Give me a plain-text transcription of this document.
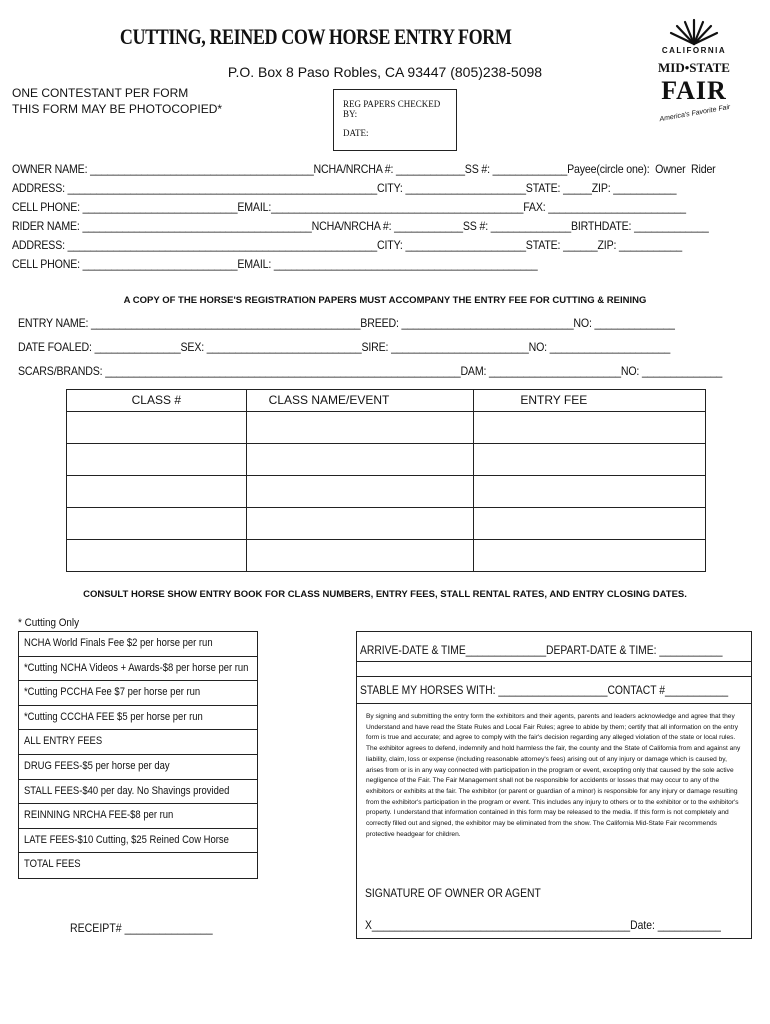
CUTTING, REINED COW HORSE ENTRY FORM
P.O. Box 8 Paso Robles, CA 93447 (805)238-5098
ONE CONTESTANT PER FORM
THIS FORM MAY BE PHOTOCOPIED*	REG PAPERS CHECKED BY:
DATE:
CALIFORNIA
MID•STATE
FAIR
America's Favorite Fair
OWNER NAME: _______________________________________NCHA/NRCHA #: ____________SS #: _____________Payee(circle one):  Owner  Rider
ADDRESS: ______________________________________________________CITY: _____________________STATE: _____ZIP: ___________
CELL PHONE: ___________________________EMAIL:____________________________________________FAX: ________________________
RIDER NAME: ________________________________________NCHA/NRCHA #: ____________SS #: ______________BIRTHDATE: _____________
ADDRESS: ______________________________________________________CITY: _____________________STATE: ______ZIP: ___________
CELL PHONE: ___________________________EMAIL: ______________________________________________
A COPY OF THE HORSE'S REGISTRATION PAPERS MUST ACCOMPANY THE ENTRY FEE FOR CUTTING & REINING
ENTRY NAME: _______________________________________________BREED: ______________________________NO: ______________
DATE FOALED: _______________SEX: ___________________________SIRE: ________________________NO: _____________________
SCARS/BRANDS: ______________________________________________________________DAM: _______________________NO: ______________
CLASS #	CLASS NAME/EVENT	ENTRY FEE

CONSULT HORSE SHOW ENTRY BOOK FOR CLASS NUMBERS, ENTRY FEES, STALL RENTAL RATES, AND ENTRY CLOSING DATES.
* Cutting Only
NCHA World Finals Fee $2 per horse per run
*Cutting NCHA Videos + Awards-$8 per horse per run
*Cutting PCCHA Fee $7 per horse per run
*Cutting CCCHA FEE $5 per horse per run
ALL ENTRY FEES
DRUG FEES-$5 per horse per day
STALL FEES-$40 per day. No Shavings provided
REINNING NRCHA FEE-$8 per run
LATE FEES-$10 Cutting, $25 Reined Cow Horse
TOTAL FEES
RECEIPT# _______________
ARRIVE-DATE & TIME______________DEPART-DATE & TIME: ___________
STABLE MY HORSES WITH: ___________________CONTACT #___________
By signing and submitting the entry form the exhibitors and their agents, parents and leaders acknowledge and agree that they Understand and have read the State Rules and Local Fair Rules; agree to abide by them; certify that all information on the entry form is true and accurate; and agree to comply with the fair's decision regarding any alleged violation of the state or local rules. The exhibitor agrees to defend, indemnify and hold harmless the fair, the county and the State of California from and against any liability, claim, loss or expense (including reasonable attorney's fees) arising out of any injury or damage which is caused by, arises from or is in any way connected with participation in the program or event, excepting only that caused by the sole active negligence of the Fair. The Fair Management shall not be responsible for accidents or losses that may occur to any of the exhibitors or exhibits at the fair. The exhibitor (or parent or guardian of a minor) is responsible for any injury or damage resulting from the exhibitor's participation in the program or event. This includes any injury to others or to the exhibitor or to the exhibitor's property. I understand that information contained in this form may be released to the media. If this form is not completely and correctly filled out and signed, the exhibitor may be eliminated from the show. The California Mid-State Fair recommends protective headgear for children.
SIGNATURE OF OWNER OR AGENT
X_____________________________________________Date: ___________
